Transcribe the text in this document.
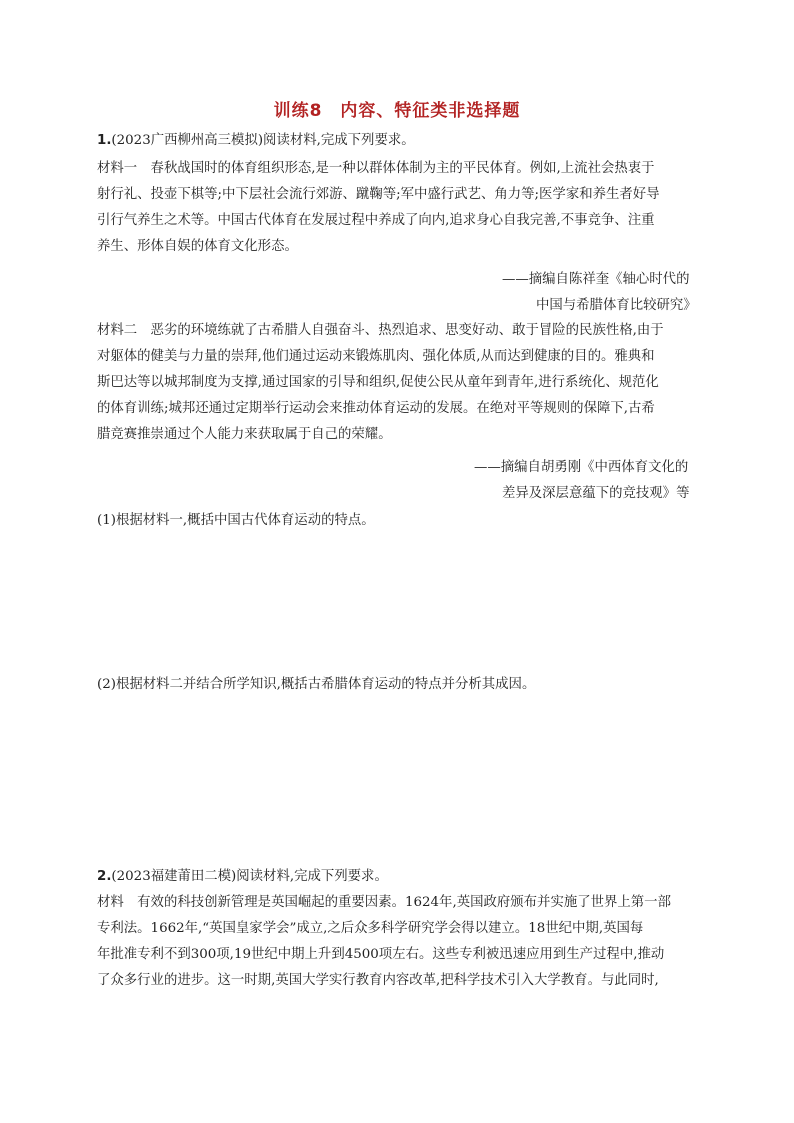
训练8　内容、特征类非选择题
1.(2023广西柳州高三模拟)阅读材料,完成下列要求。
材料一　春秋战国时的体育组织形态,是一种以群体体制为主的平民体育。例如,上流社会热衷于
射行礼、投壶下棋等;中下层社会流行郊游、蹴鞠等;军中盛行武艺、角力等;医学家和养生者好导
引行气养生之术等。中国古代体育在发展过程中养成了向内,追求身心自我完善,不事竞争、注重
养生、形体自娱的体育文化形态。
——摘编自陈祥奎《轴心时代的
中国与希腊体育比较研究》
材料二　恶劣的环境练就了古希腊人自强奋斗、热烈追求、思变好动、敢于冒险的民族性格,由于
对躯体的健美与力量的崇拜,他们通过运动来锻炼肌肉、强化体质,从而达到健康的目的。雅典和
斯巴达等以城邦制度为支撑,通过国家的引导和组织,促使公民从童年到青年,进行系统化、规范化
的体育训练;城邦还通过定期举行运动会来推动体育运动的发展。在绝对平等规则的保障下,古希
腊竞赛推崇通过个人能力来获取属于自己的荣耀。
——摘编自胡勇刚《中西体育文化的
差异及深层意蕴下的竞技观》等
(1)根据材料一,概括中国古代体育运动的特点。
(2)根据材料二并结合所学知识,概括古希腊体育运动的特点并分析其成因。
2.(2023福建莆田二模)阅读材料,完成下列要求。
材料　有效的科技创新管理是英国崛起的重要因素。1624年,英国政府颁布并实施了世界上第一部
专利法。1662年,“英国皇家学会”成立,之后众多科学研究学会得以建立。18世纪中期,英国每
年批准专利不到300项,19世纪中期上升到4500项左右。这些专利被迅速应用到生产过程中,推动
了众多行业的进步。这一时期,英国大学实行教育内容改革,把科学技术引入大学教育。与此同时,
